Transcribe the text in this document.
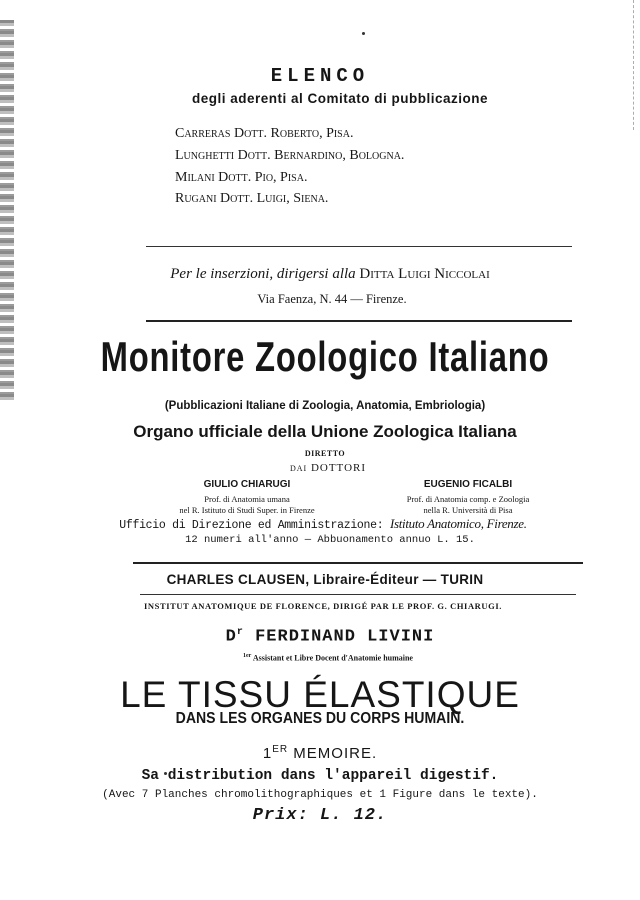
ELENCO
degli aderenti al Comitato di pubblicazione
Carreras Dott. Roberto, Pisa.
Lunghetti Dott. Bernardino, Bologna.
Milani Dott. Pio, Pisa.
Rugani Dott. Luigi, Siena.
Per le inserzioni, dirigersi alla Ditta Luigi Niccolai
Via Faenza, N. 44 — Firenze.
Monitore Zoologico Italiano
(Pubblicazioni Italiane di Zoologia, Anatomia, Embriologia)
Organo ufficiale della Unione Zoologica Italiana
DIRETTO
dai DOTTORI
GIULIO CHIARUGI
Prof. di Anatomia umana
nel R. Istituto di Studi Super. in Firenze
EUGENIO FICALBI
Prof. di Anatomia comp. e Zoologia
nella R. Università di Pisa
Ufficio di Direzione ed Amministrazione: Istituto Anatomico, Firenze.
12 numeri all'anno — Abbuonamento annuo L. 15.
CHARLES CLAUSEN, Libraire-Éditeur — TURIN
INSTITUT ANATOMIQUE DE FLORENCE, DIRIGÉ PAR LE PROF. G. CHIARUGI.
$D^r$ FERDINAND LIVINI
$^{1er}$ Assistant et Libre Docent d'Anatomie humaine
LE TISSU ÉLASTIQUE
DANS LES ORGANES DU CORPS HUMAIN.
1ER MEMOIRE.
Sa distribution dans l'appareil digestif.
(Avec 7 Planches chromolithographiques et 1 Figure dans le texte).
Prix: L. 12.
